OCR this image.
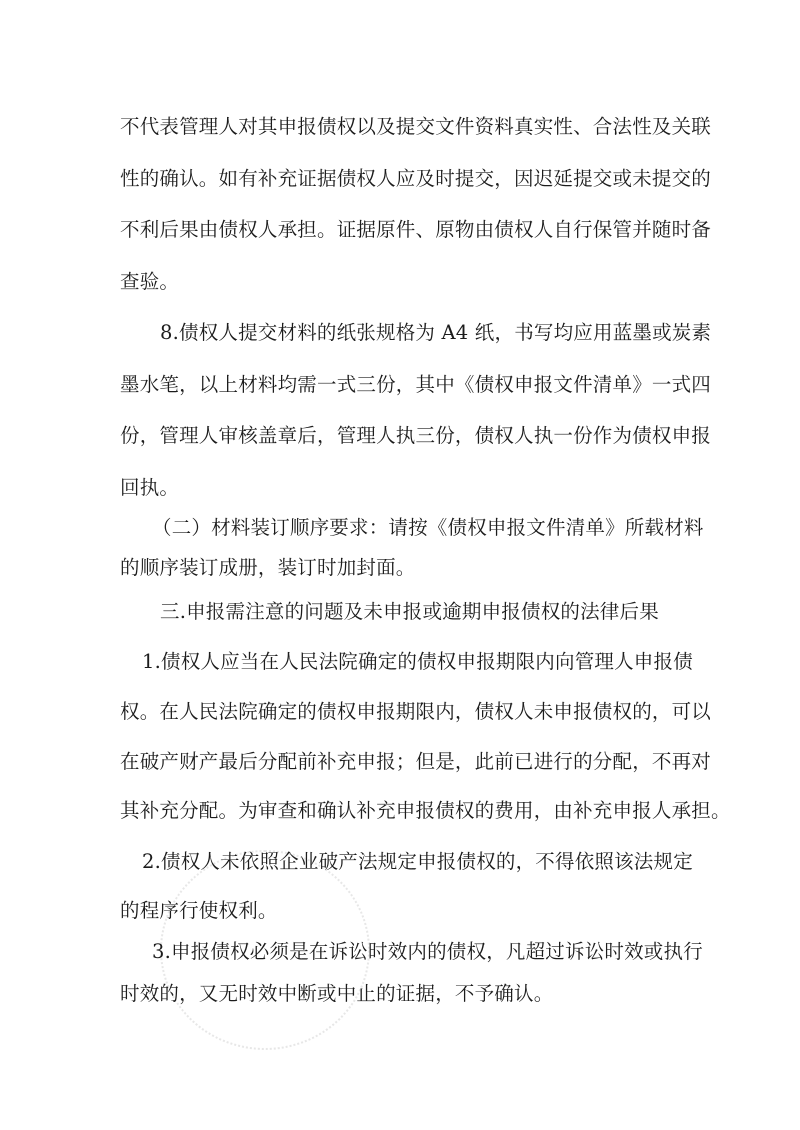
不代表管理人对其申报债权以及提交文件资料真实性、合法性及关联
性的确认。如有补充证据债权人应及时提交，因迟延提交或未提交的
不利后果由债权人承担。证据原件、原物由债权人自行保管并随时备
查验。
8.债权人提交材料的纸张规格为 A4 纸，书写均应用蓝墨或炭素
墨水笔，以上材料均需一式三份，其中《债权申报文件清单》一式四
份，管理人审核盖章后，管理人执三份，债权人执一份作为债权申报
回执。
（二）材料装订顺序要求：请按《债权申报文件清单》所载材料
的顺序装订成册，装订时加封面。
三.申报需注意的问题及未申报或逾期申报债权的法律后果
1.债权人应当在人民法院确定的债权申报期限内向管理人申报债
权。在人民法院确定的债权申报期限内，债权人未申报债权的，可以
在破产财产最后分配前补充申报；但是，此前已进行的分配，不再对
其补充分配。为审查和确认补充申报债权的费用，由补充申报人承担。
2.债权人未依照企业破产法规定申报债权的，不得依照该法规定
的程序行使权利。
3.申报债权必须是在诉讼时效内的债权，凡超过诉讼时效或执行
时效的，又无时效中断或中止的证据，不予确认。
